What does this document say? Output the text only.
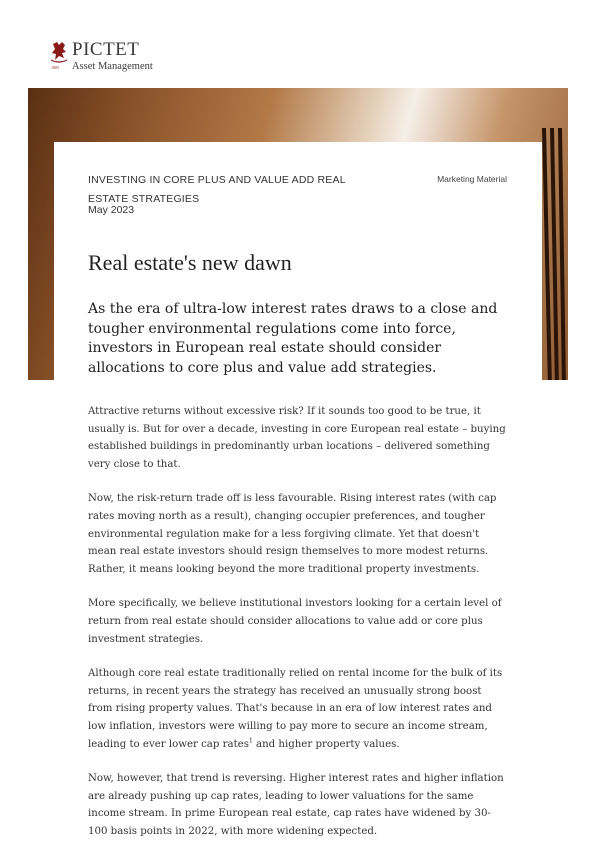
1805
PICTET
Asset Management
INVESTING IN CORE PLUS AND VALUE ADD REAL ESTATE STRATEGIES
May 2023
Marketing Material
Real estate's new dawn
As the era of ultra-low interest rates draws to a close and tougher environmental regulations come into force, investors in European real estate should consider allocations to core plus and value add strategies.

Attractive returns without excessive risk? If it sounds too good to be true, it usually is. But for over a decade, investing in core European real estate – buying established buildings in predominantly urban locations – delivered something very close to that.

Now, the risk-return trade off is less favourable. Rising interest rates (with cap rates moving north as a result), changing occupier preferences, and tougher environmental regulation make for a less forgiving climate. Yet that doesn't mean real estate investors should resign themselves to more modest returns. Rather, it means looking beyond the more traditional property investments.

More specifically, we believe institutional investors looking for a certain level of return from real estate should consider allocations to value add or core plus investment strategies.

Although core real estate traditionally relied on rental income for the bulk of its returns, in recent years the strategy has received an unusually strong boost from rising property values. That's because in an era of low interest rates and low inflation, investors were willing to pay more to secure an income stream, leading to ever lower cap rates$^1$ and higher property values.

Now, however, that trend is reversing. Higher interest rates and higher inflation are already pushing up cap rates, leading to lower valuations for the same income stream. In prime European real estate, cap rates have widened by 30-100 basis points in 2022, with more widening expected.
